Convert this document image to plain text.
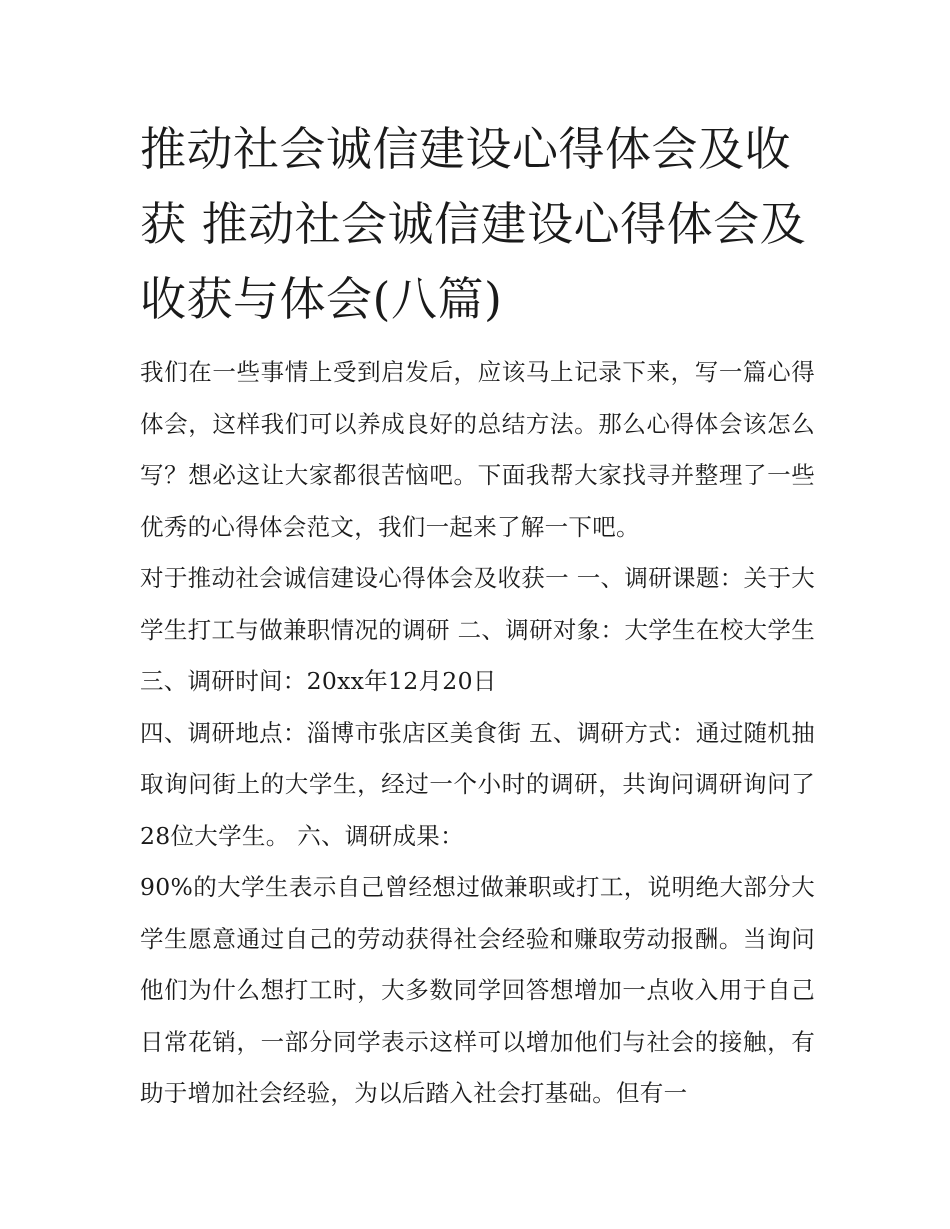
推动社会诚信建设心得体会及收获 推动社会诚信建设心得体会及收获与体会(八篇)

我们在一些事情上受到启发后，应该马上记录下来，写一篇心得体会，这样我们可以养成良好的总结方法。那么心得体会该怎么写？想必这让大家都很苦恼吧。下面我帮大家找寻并整理了一些优秀的心得体会范文，我们一起来了解一下吧。

对于推动社会诚信建设心得体会及收获一 一、调研课题：关于大学生打工与做兼职情况的调研 二、调研对象：大学生在校大学生 三、调研时间：20xx年12月20日

四、调研地点：淄博市张店区美食街 五、调研方式：通过随机抽取询问街上的大学生，经过一个小时的调研，共询问调研询问了28位大学生。 六、调研成果：

90%的大学生表示自己曾经想过做兼职或打工，说明绝大部分大学生愿意通过自己的劳动获得社会经验和赚取劳动报酬。当询问他们为什么想打工时，大多数同学回答想增加一点收入用于自己日常花销，一部分同学表示这样可以增加他们与社会的接触，有助于增加社会经验，为以后踏入社会打基础。但有一
